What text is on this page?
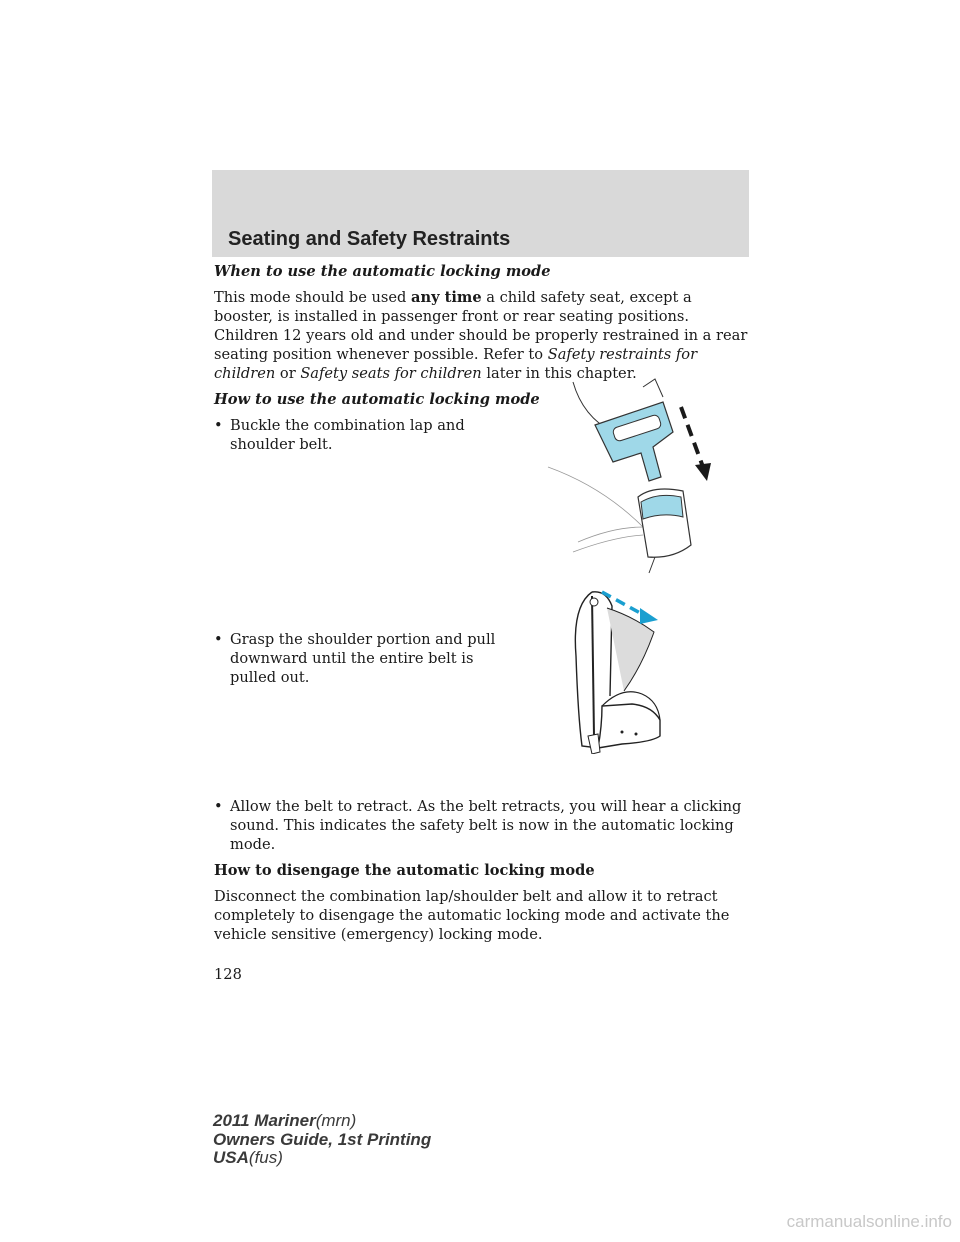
Seating and Safety Restraints
When to use the automatic locking mode
This mode should be used any time a child safety seat, except a booster, is installed in passenger front or rear seating positions. Children 12 years old and under should be properly restrained in a rear seating position whenever possible. Refer to Safety restraints for children or Safety seats for children later in this chapter.
How to use the automatic locking mode
• Buckle the combination lap and shoulder belt.
• Grasp the shoulder portion and pull downward until the entire belt is pulled out.
• Allow the belt to retract. As the belt retracts, you will hear a clicking sound. This indicates the safety belt is now in the automatic locking mode.
How to disengage the automatic locking mode
Disconnect the combination lap/shoulder belt and allow it to retract completely to disengage the automatic locking mode and activate the vehicle sensitive (emergency) locking mode.
128
2011 Mariner(mrn)
Owners Guide, 1st Printing
USA(fus)
carmanualsonline.info
